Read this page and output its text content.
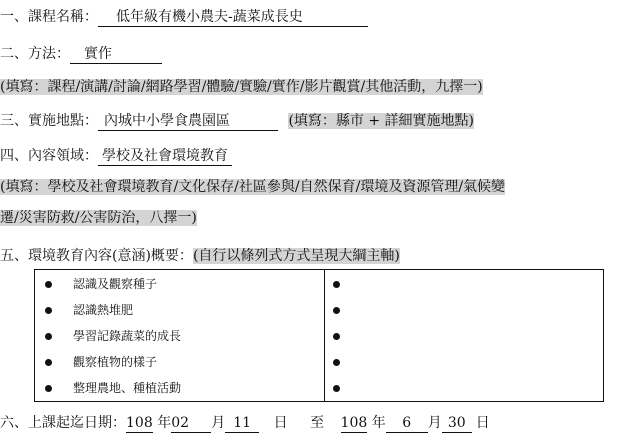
一、課程名稱： 低年級有機小農夫-蔬菜成長史
二、方法： 實作
(填寫：課程/演講/討論/網路學習/體驗/實驗/實作/影片觀賞/其他活動，九擇一)
三、實施地點： 內城中小學食農園區	(填寫：縣市 + 詳細實施地點)
四、內容領域： 學校及社會環境教育
(填寫：學校及社會環境教育/文化保存/社區參與/自然保育/環境及資源管理/氣候變
遷/災害防救/公害防治，八擇一)
五、環境教育內容(意涵)概要：(自行以條列式方式呈現大綱主軸)
認識及觀察種子
認識熱堆肥
學習記錄蔬菜的成長
觀察植物的樣子
整理農地、種植活動

六、上課起迄日期：108 年02 月 11 日 至 108 年 6 月 30 日
